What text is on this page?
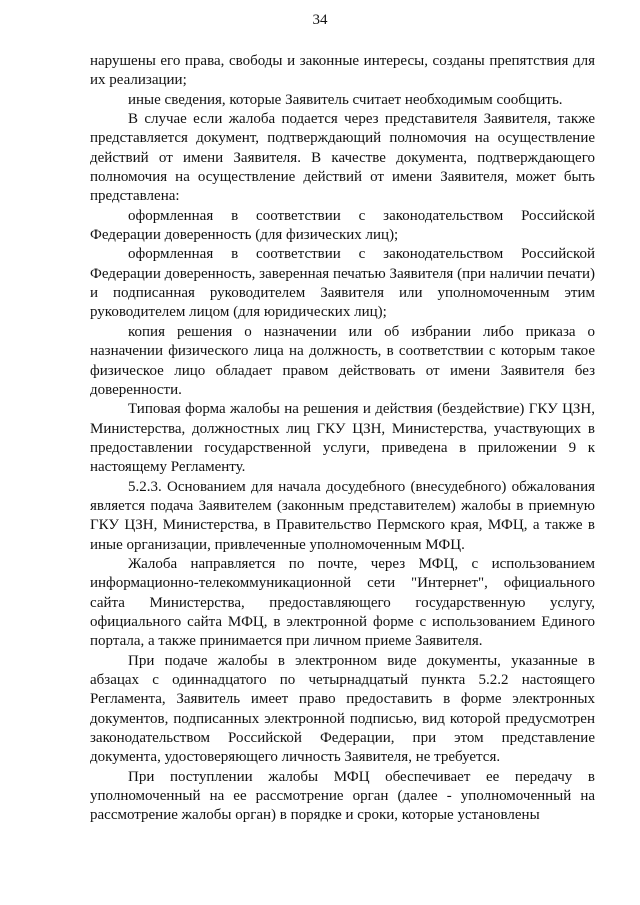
34

нарушены его права, свободы и законные интересы, созданы препятствия для их реализации;

иные сведения, которые Заявитель считает необходимым сообщить.

В случае если жалоба подается через представителя Заявителя, также представляется документ, подтверждающий полномочия на осуществление действий от имени Заявителя. В качестве документа, подтверждающего полномочия на осуществление действий от имени Заявителя, может быть представлена:

оформленная в соответствии с законодательством Российской Федерации доверенность (для физических лиц);

оформленная в соответствии с законодательством Российской Федерации доверенность, заверенная печатью Заявителя (при наличии печати) и подписанная руководителем Заявителя или уполномоченным этим руководителем лицом (для юридических лиц);

копия решения о назначении или об избрании либо приказа о назначении физического лица на должность, в соответствии с которым такое физическое лицо обладает правом действовать от имени Заявителя без доверенности.

Типовая форма жалобы на решения и действия (бездействие) ГКУ ЦЗН, Министерства, должностных лиц ГКУ ЦЗН, Министерства, участвующих в предоставлении государственной услуги, приведена в приложении 9 к настоящему Регламенту.

5.2.3. Основанием для начала досудебного (внесудебного) обжалования является подача Заявителем (законным представителем) жалобы в приемную ГКУ ЦЗН, Министерства, в Правительство Пермского края, МФЦ, а также в иные организации, привлеченные уполномоченным МФЦ.

Жалоба направляется по почте, через МФЦ, с использованием информационно-телекоммуникационной сети "Интернет", официального сайта Министерства, предоставляющего государственную услугу, официального сайта МФЦ, в электронной форме с использованием Единого портала, а также принимается при личном приеме Заявителя.

При подаче жалобы в электронном виде документы, указанные в абзацах с одиннадцатого по четырнадцатый пункта 5.2.2 настоящего Регламента, Заявитель имеет право предоставить в форме электронных документов, подписанных электронной подписью, вид которой предусмотрен законодательством Российской Федерации, при этом представление документа, удостоверяющего личность Заявителя, не требуется.

При поступлении жалобы МФЦ обеспечивает ее передачу в уполномоченный на ее рассмотрение орган (далее - уполномоченный на рассмотрение жалобы орган) в порядке и сроки, которые установлены
